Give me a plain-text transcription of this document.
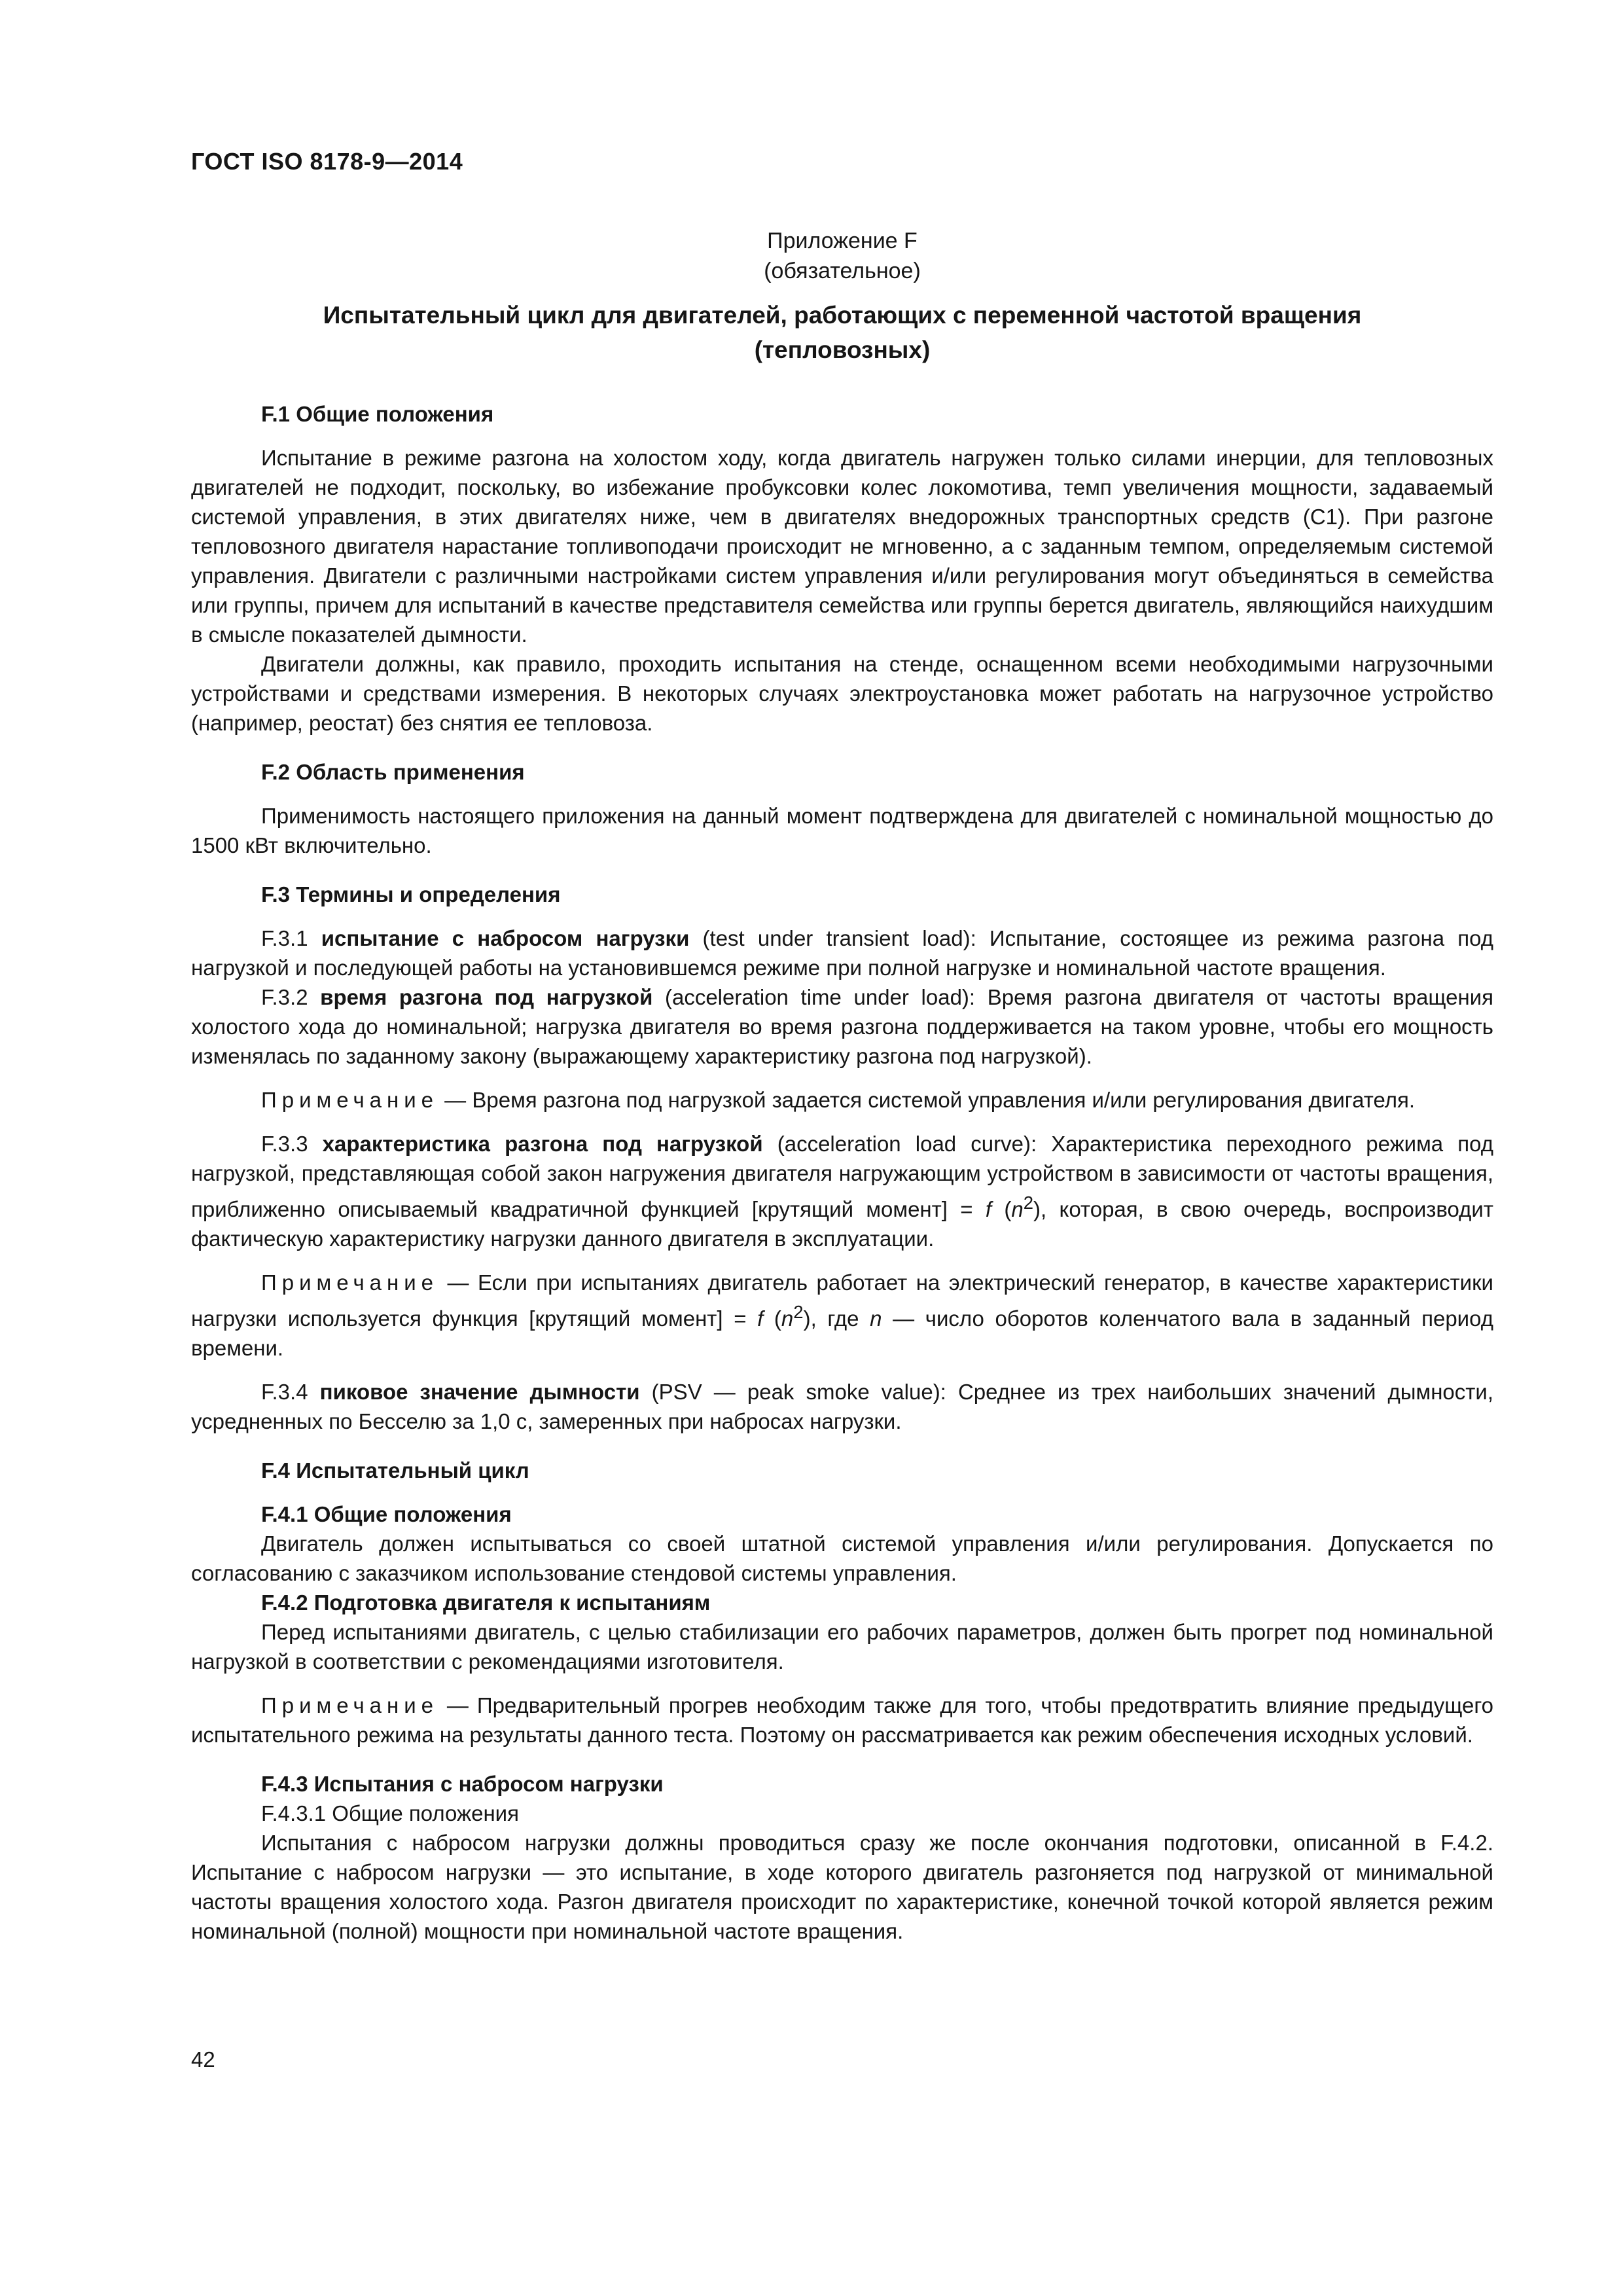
ГОСТ ISO 8178-9—2014
Приложение F
(обязательное)
Испытательный цикл для двигателей, работающих с переменной частотой вращения
(тепловозных)

F.1 Общие положения

Испытание в режиме разгона на холостом ходу, когда двигатель нагружен только силами инерции, для тепловозных двигателей не подходит, поскольку, во избежание пробуксовки колес локомотива, темп увеличения мощности, задаваемый системой управления, в этих двигателях ниже, чем в двигателях внедорожных транспортных средств (С1). При разгоне тепловозного двигателя нарастание топливоподачи происходит не мгновенно, а с заданным темпом, определяемым системой управления. Двигатели с различными настройками систем управления и/или регулирования могут объединяться в семейства или группы, причем для испытаний в качестве представителя семейства или группы берется двигатель, являющийся наихудшим в смысле показателей дымности.

Двигатели должны, как правило, проходить испытания на стенде, оснащенном всеми необходимыми нагрузочными устройствами и средствами измерения. В некоторых случаях электроустановка может работать на нагрузочное устройство (например, реостат) без снятия ее тепловоза.

F.2 Область применения

Применимость настоящего приложения на данный момент подтверждена для двигателей с номинальной мощностью до 1500 кВт включительно.

F.3 Термины и определения

F.3.1 испытание с набросом нагрузки (test under transient load): Испытание, состоящее из режима разгона под нагрузкой и последующей работы на установившемся режиме при полной нагрузке и номинальной частоте вращения.

F.3.2 время разгона под нагрузкой (acceleration time under load): Время разгона двигателя от частоты вращения холостого хода до номинальной; нагрузка двигателя во время разгона поддерживается на таком уровне, чтобы его мощность изменялась по заданному закону (выражающему характеристику разгона под нагрузкой).

Примечание — Время разгона под нагрузкой задается системой управления и/или регулирования двигателя.

F.3.3 характеристика разгона под нагрузкой (acceleration load curve): Характеристика переходного режима под нагрузкой, представляющая собой закон нагружения двигателя нагружающим устройством в зависимости от частоты вращения, приближенно описываемый квадратичной функцией [крутящий момент] = f $(n^2)$, которая, в свою очередь, воспроизводит фактическую характеристику нагрузки данного двигателя в эксплуатации.

Примечание — Если при испытаниях двигатель работает на электрический генератор, в качестве характеристики нагрузки используется функция [крутящий момент] = f $(n^2)$, где n — число оборотов коленчатого вала в заданный период времени.

F.3.4 пиковое значение дымности (PSV — peak smoke value): Среднее из трех наибольших значений дымности, усредненных по Бесселю за 1,0 с, замеренных при набросах нагрузки.

F.4 Испытательный цикл

F.4.1 Общие положения

Двигатель должен испытываться со своей штатной системой управления и/или регулирования. Допускается по согласованию с заказчиком использование стендовой системы управления.

F.4.2 Подготовка двигателя к испытаниям

Перед испытаниями двигатель, с целью стабилизации его рабочих параметров, должен быть прогрет под номинальной нагрузкой в соответствии с рекомендациями изготовителя.

Примечание — Предварительный прогрев необходим также для того, чтобы предотвратить влияние предыдущего испытательного режима на результаты данного теста. Поэтому он рассматривается как режим обеспечения исходных условий.

F.4.3 Испытания с набросом нагрузки

F.4.3.1 Общие положения

Испытания с набросом нагрузки должны проводиться сразу же после окончания подготовки, описанной в F.4.2. Испытание с набросом нагрузки — это испытание, в ходе которого двигатель разгоняется под нагрузкой от минимальной частоты вращения холостого хода. Разгон двигателя происходит по характеристике, конечной точкой которой является режим номинальной (полной) мощности при номинальной частоте вращения.

42
